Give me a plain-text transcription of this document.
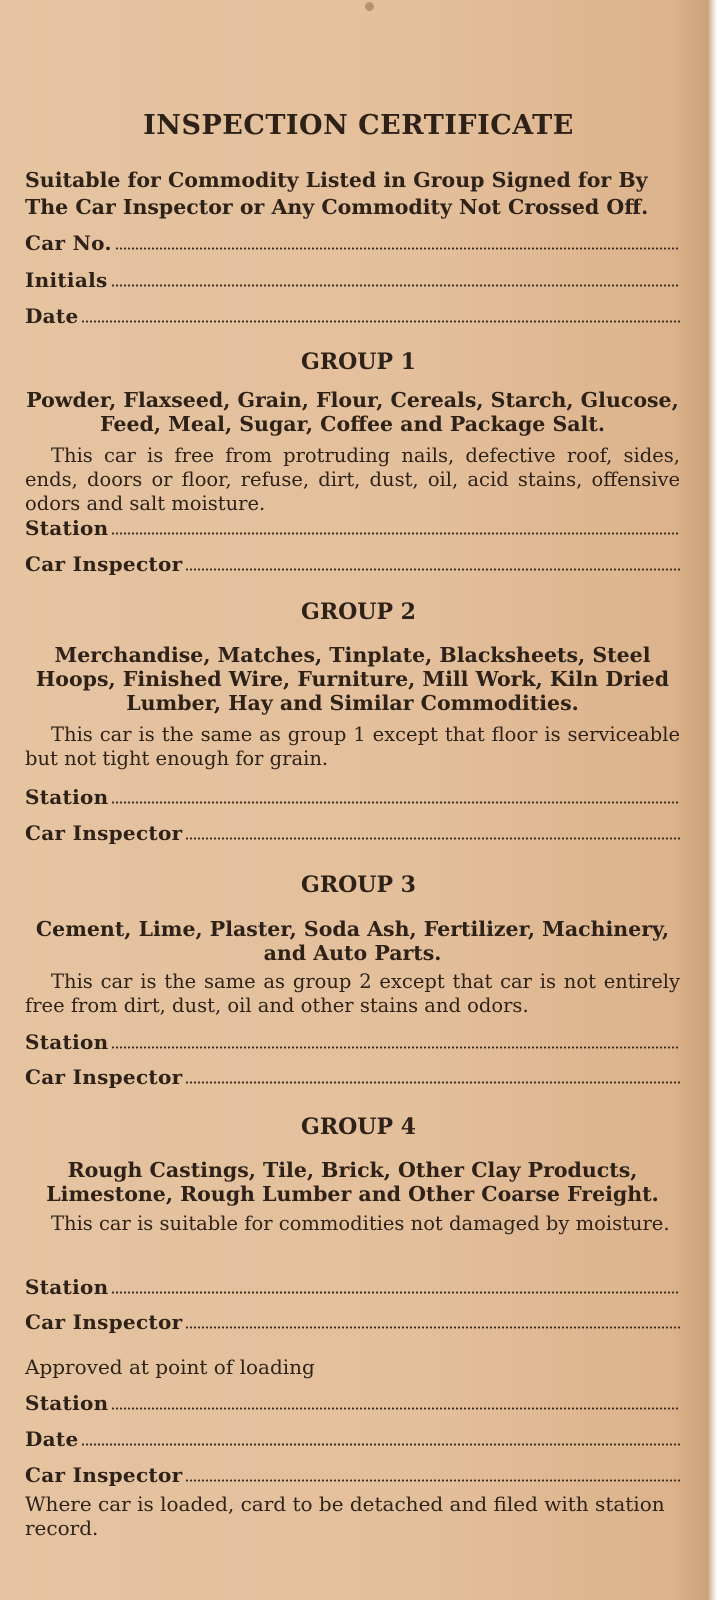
INSPECTION CERTIFICATE
Suitable for Commodity Listed in Group Signed for By The Car Inspector or Any Commodity Not Crossed Off.
Car No.
Initials
Date
GROUP 1
Powder, Flaxseed, Grain, Flour, Cereals, Starch, Glucose, Feed, Meal, Sugar, Coffee and Package Salt.
This car is free from protruding nails, defective roof, sides, ends, doors or floor, refuse, dirt, dust, oil, acid stains, offensive odors and salt moisture.
Station
Car Inspector
GROUP 2
Merchandise, Matches, Tinplate, Blacksheets, Steel Hoops, Finished Wire, Furniture, Mill Work, Kiln Dried Lumber, Hay and Similar Commodities.
This car is the same as group 1 except that floor is serviceable but not tight enough for grain.
Station
Car Inspector
GROUP 3
Cement, Lime, Plaster, Soda Ash, Fertilizer, Machinery, and Auto Parts.
This car is the same as group 2 except that car is not entirely free from dirt, dust, oil and other stains and odors.
Station
Car Inspector
GROUP 4
Rough Castings, Tile, Brick, Other Clay Products, Limestone, Rough Lumber and Other Coarse Freight.
This car is suitable for commodities not damaged by moisture.
Station
Car Inspector
Approved at point of loading
Station
Date
Car Inspector
Where car is loaded, card to be detached and filed with station record.
